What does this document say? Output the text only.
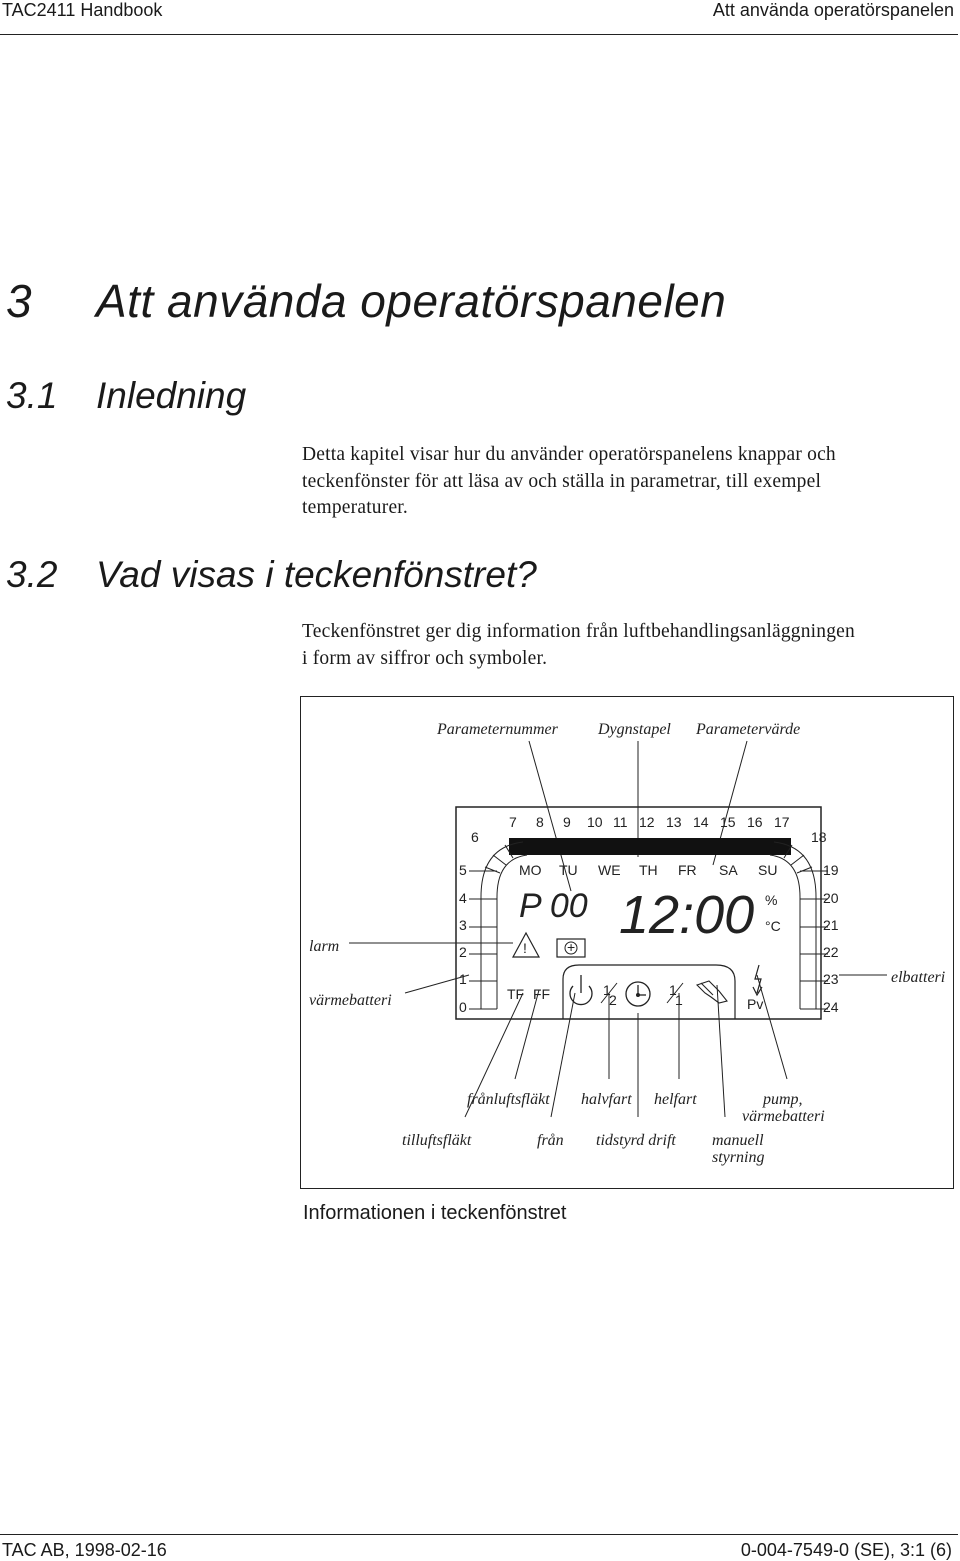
TAC2411 Handbook	Att använda operatörspanelen
3 Att använda operatörspanelen
3.1 Inledning
Detta kapitel visar hur du använder operatörspanelens knappar och
teckenfönster för att läsa av och ställa in parametrar, till exempel
temperaturer.
3.2 Vad visas i teckenfönstret?
Teckenfönstret ger dig information från luftbehandlingsanläggningen
i form av siffror och symboler.
7 8 9 10 11 12 13 14 15 16 17
6	18
5
4
3
2
1
0
19
20
21
22
23
24
MO TU WE TH FR SA SU
P 00 12:00 %
°C
!	+
TF FF	1
2
1
1	Pv
Parameternummer	Dygnstapel Parametervärde
larm
värmebatteri
elbatteri
frånluftsfläkt halvfart helfart	pump,
värmebatteri
tilluftsfläkt	från tidstyrd drift manuell
styrning
Informationen i teckenfönstret
TAC AB, 1998-02-16	0-004-7549-0 (SE), 3:1 (6)
